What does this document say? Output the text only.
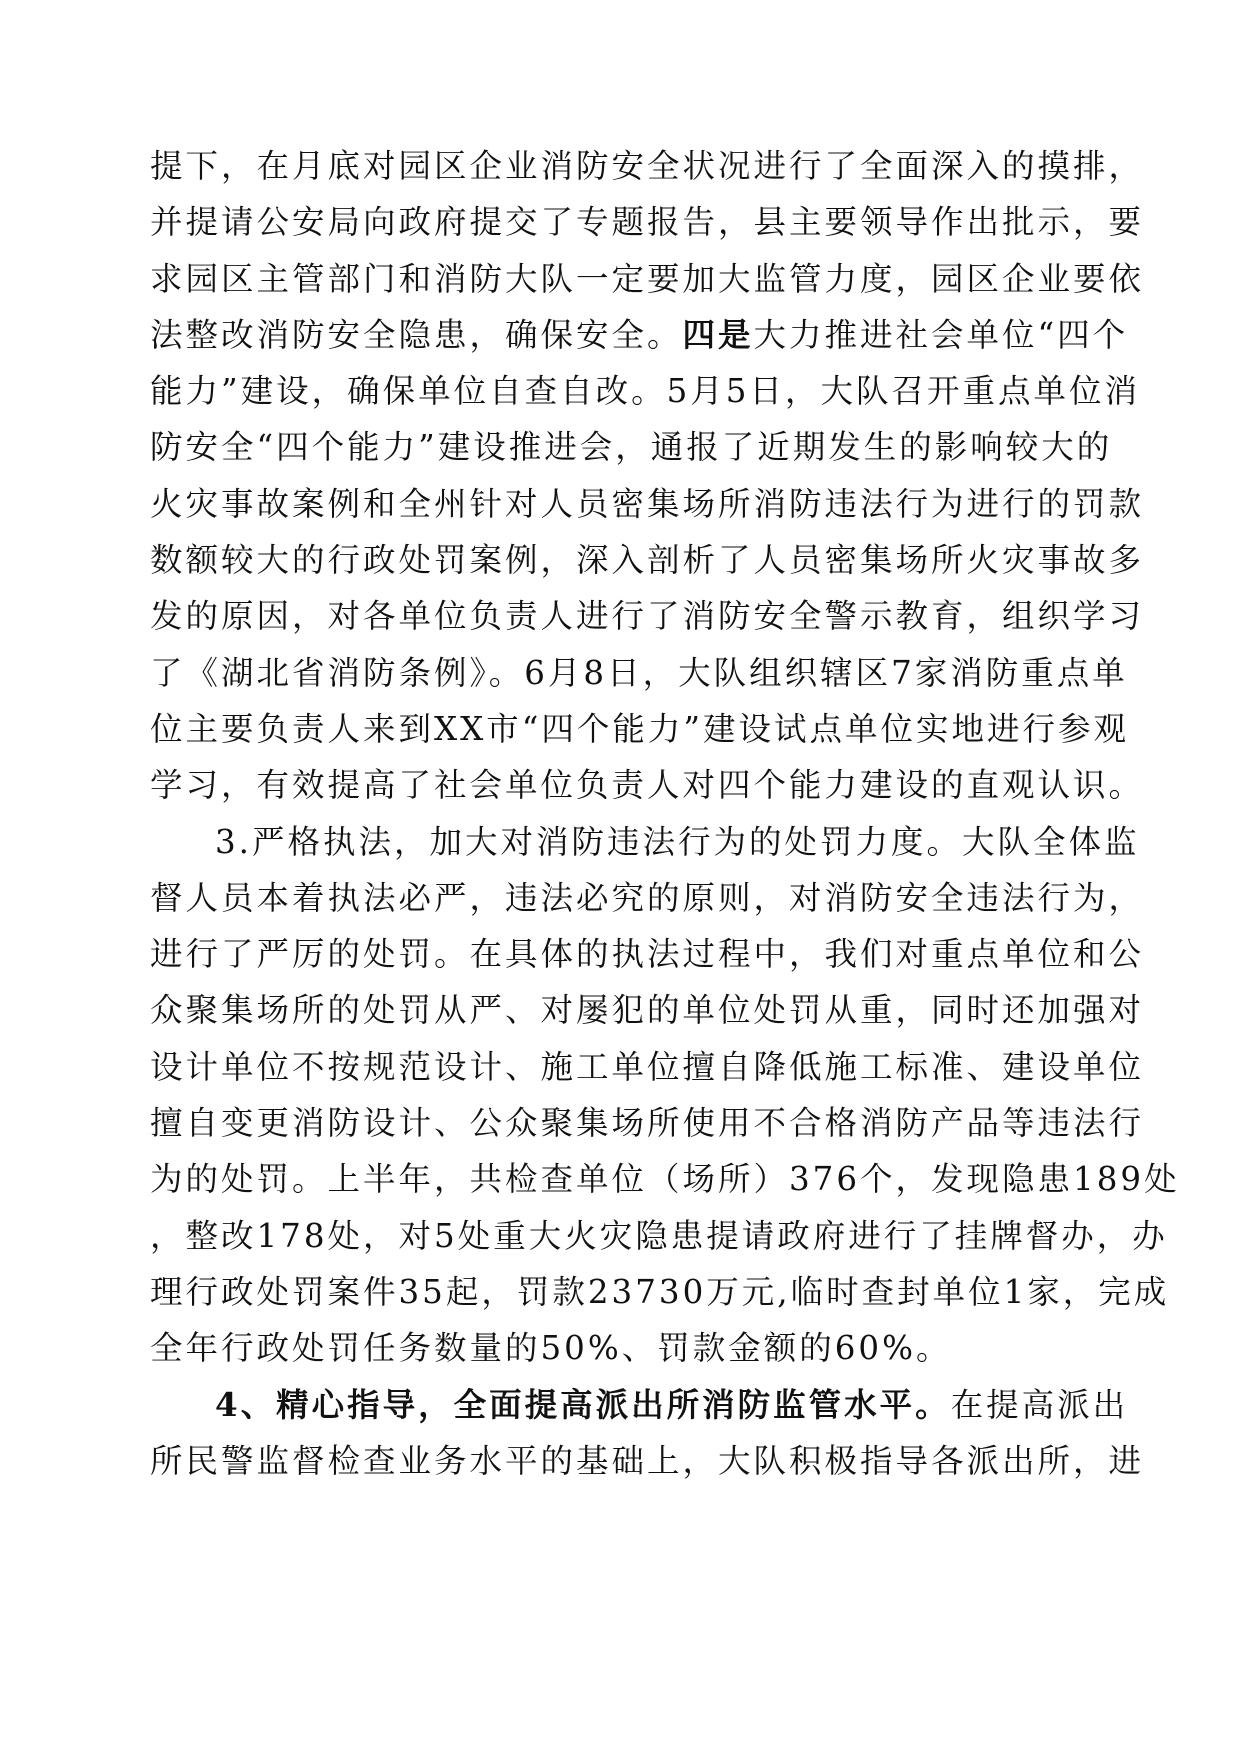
提下，在月底对园区企业消防安全状况进行了全面深入的摸排，
并提请公安局向政府提交了专题报告，县主要领导作出批示，要
求园区主管部门和消防大队一定要加大监管力度，园区企业要依
法整改消防安全隐患，确保安全。四是大力推进社会单位“四个
能力”建设，确保单位自查自改。5月5日，大队召开重点单位消
防安全“四个能力”建设推进会，通报了近期发生的影响较大的
火灾事故案例和全州针对人员密集场所消防违法行为进行的罚款
数额较大的行政处罚案例，深入剖析了人员密集场所火灾事故多
发的原因，对各单位负责人进行了消防安全警示教育，组织学习
了《湖北省消防条例》。6月8日，大队组织辖区7家消防重点单
位主要负责人来到XX市“四个能力”建设试点单位实地进行参观
学习，有效提高了社会单位负责人对四个能力建设的直观认识。
3.严格执法，加大对消防违法行为的处罚力度。大队全体监
督人员本着执法必严，违法必究的原则，对消防安全违法行为，
进行了严厉的处罚。在具体的执法过程中，我们对重点单位和公
众聚集场所的处罚从严、对屡犯的单位处罚从重，同时还加强对
设计单位不按规范设计、施工单位擅自降低施工标准、建设单位
擅自变更消防设计、公众聚集场所使用不合格消防产品等违法行
为的处罚。上半年，共检查单位（场所）376个，发现隐患189处
，整改178处，对5处重大火灾隐患提请政府进行了挂牌督办，办
理行政处罚案件35起，罚款23730万元,临时查封单位1家，完成
全年行政处罚任务数量的50%、罚款金额的60%。
4、精心指导，全面提高派出所消防监管水平。在提高派出
所民警监督检查业务水平的基础上，大队积极指导各派出所，进
